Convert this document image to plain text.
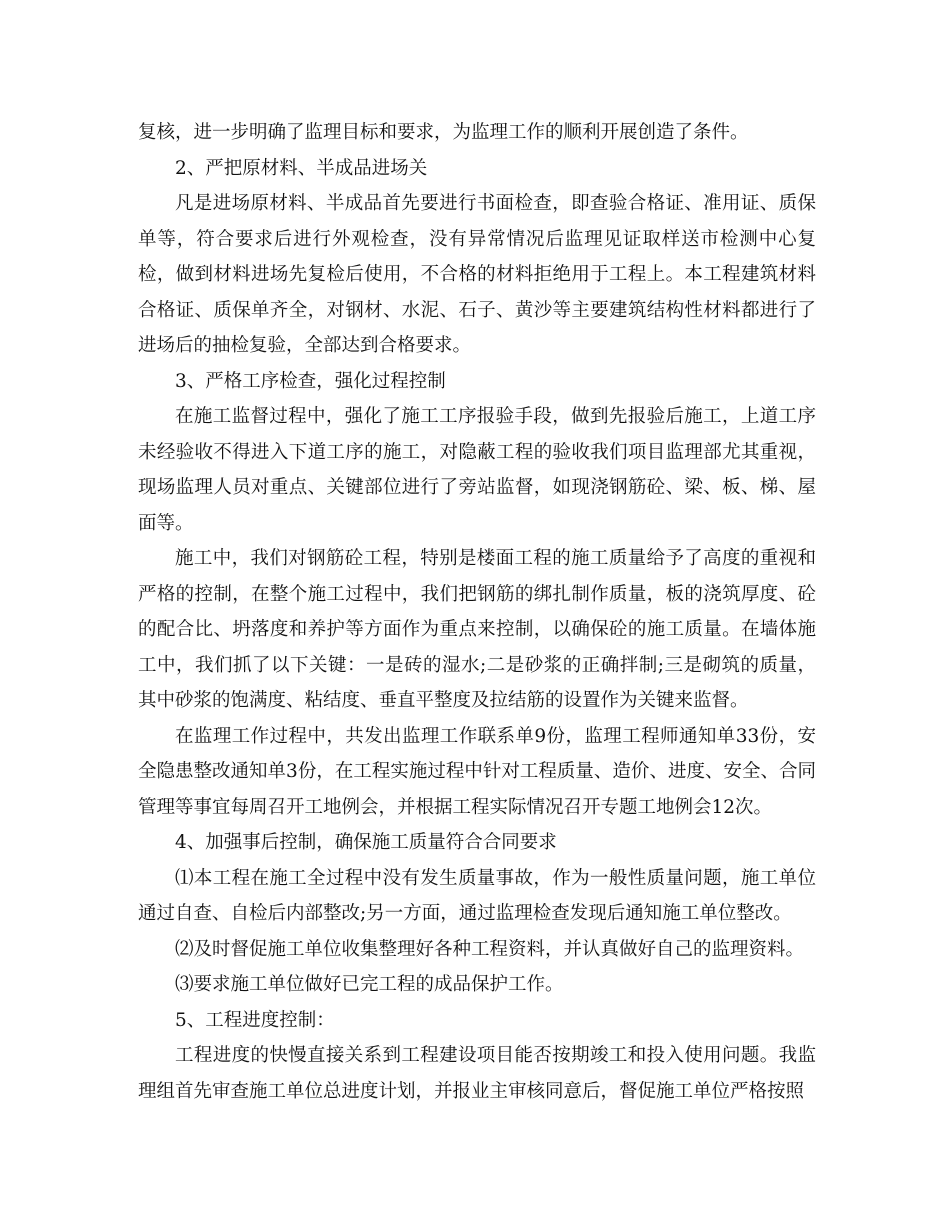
复核，进一步明确了监理目标和要求，为监理工作的顺利开展创造了条件。

2、严把原材料、半成品进场关

凡是进场原材料、半成品首先要进行书面检查，即查验合格证、准用证、质保单等，符合要求后进行外观检查，没有异常情况后监理见证取样送市检测中心复检，做到材料进场先复检后使用，不合格的材料拒绝用于工程上。本工程建筑材料合格证、质保单齐全，对钢材、水泥、石子、黄沙等主要建筑结构性材料都进行了进场后的抽检复验，全部达到合格要求。

3、严格工序检查，强化过程控制

在施工监督过程中，强化了施工工序报验手段，做到先报验后施工，上道工序未经验收不得进入下道工序的施工，对隐蔽工程的验收我们项目监理部尤其重视，现场监理人员对重点、关键部位进行了旁站监督，如现浇钢筋砼、梁、板、梯、屋面等。

施工中，我们对钢筋砼工程，特别是楼面工程的施工质量给予了高度的重视和严格的控制，在整个施工过程中，我们把钢筋的绑扎制作质量，板的浇筑厚度、砼的配合比、坍落度和养护等方面作为重点来控制，以确保砼的施工质量。在墙体施工中，我们抓了以下关键：一是砖的湿水;二是砂浆的正确拌制;三是砌筑的质量，其中砂浆的饱满度、粘结度、垂直平整度及拉结筋的设置作为关键来监督。

在监理工作过程中，共发出监理工作联系单9份，监理工程师通知单33份，安全隐患整改通知单3份，在工程实施过程中针对工程质量、造价、进度、安全、合同管理等事宜每周召开工地例会，并根据工程实际情况召开专题工地例会12次。

4、加强事后控制，确保施工质量符合合同要求

⑴本工程在施工全过程中没有发生质量事故，作为一般性质量问题，施工单位通过自查、自检后内部整改;另一方面，通过监理检查发现后通知施工单位整改。

⑵及时督促施工单位收集整理好各种工程资料，并认真做好自己的监理资料。

⑶要求施工单位做好已完工程的成品保护工作。

5、工程进度控制：

工程进度的快慢直接关系到工程建设项目能否按期竣工和投入使用问题。我监理组首先审查施工单位总进度计划，并报业主审核同意后，督促施工单位严格按照
